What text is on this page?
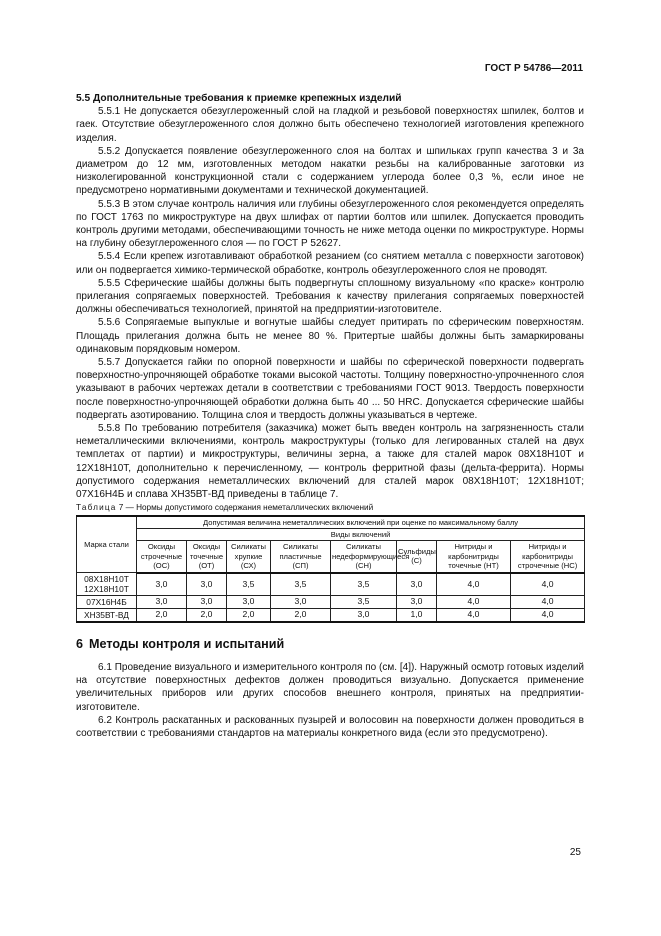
ГОСТ Р 54786—2011

5.5 Дополнительные требования к приемке крепежных изделий

5.5.1 Не допускается обезуглероженный слой на гладкой и резьбовой поверхностях шпилек, болтов и гаек. Отсутствие обезуглероженного слоя должно быть обеспечено технологией изготовления крепежного изделия.

5.5.2 Допускается появление обезуглероженного слоя на болтах и шпильках групп качества 3 и 3а диаметром до 12 мм, изготовленных методом накатки резьбы на калиброванные заготовки из низколегированной конструкционной стали с содержанием углерода более 0,3 %, если иное не предусмотрено нормативными документами и технической документацией.

5.5.3 В этом случае контроль наличия или глубины обезуглероженного слоя рекомендуется определять по ГОСТ 1763 по микроструктуре на двух шлифах от партии болтов или шпилек. Допускается проводить контроль другими методами, обеспечивающими точность не ниже метода оценки по микроструктуре. Нормы на глубину обезуглероженного слоя — по ГОСТ Р 52627.

5.5.4 Если крепеж изготавливают обработкой резанием (со снятием металла с поверхности заготовок) или он подвергается химико-термической обработке, контроль обезуглероженного слоя не проводят.

5.5.5 Сферические шайбы должны быть подвергнуты сплошному визуальному «по краске» контролю прилегания сопрягаемых поверхностей. Требования к качеству прилегания сопрягаемых поверхностей должны обеспечиваться технологией, принятой на предприятии-изготовителе.

5.5.6 Сопрягаемые выпуклые и вогнутые шайбы следует притирать по сферическим поверхностям. Площадь прилегания должна быть не менее 80 %. Притертые шайбы должны быть замаркированы одинаковым порядковым номером.

5.5.7 Допускается гайки по опорной поверхности и шайбы по сферической поверхности подвергать поверхностно-упрочняющей обработке токами высокой частоты. Толщину поверхностно-упрочненного слоя указывают в рабочих чертежах детали в соответствии с требованиями ГОСТ 9013. Твердость поверхности после поверхностно-упрочняющей обработки должна быть 40 ... 50 HRC. Допускается сферические шайбы подвергать азотированию. Толщина слоя и твердость должны указываться в чертеже.

5.5.8 По требованию потребителя (заказчика) может быть введен контроль на загрязненность стали неметаллическими включениями, контроль макроструктуры (только для легированных сталей на двух темплетах от партии) и микроструктуры, величины зерна, а также для сталей марок 08Х18Н10Т и 12Х18Н10Т, дополнительно к перечисленному, — контроль ферритной фазы (дельта-феррита). Нормы допустимого содержания неметаллических включений для сталей марок 08Х18Н10Т; 12Х18Н10Т; 07Х16Н4Б и сплава ХН35ВТ-ВД приведены в таблице 7.

Таблица 7 — Нормы допустимого содержания неметаллических включений

Марка стали	Допустимая величина неметаллических включений при оценке по максимальному баллу							
	Виды включений							
	Оксиды строчечные (ОС)	Оксиды точечные (ОТ)	Силикаты хрупкие (СХ)	Силикаты пластичные (СП)	Силикаты недеформирующиеся (СН)	Сульфиды (С)	Нитриды и карбонитриды точечные (НТ)	Нитриды и карбонитриды строчечные (НС)
08Х18Н10Т 12Х18Н10Т	3,0	3,0	3,5	3,5	3,5	3,0	4,0	4,0
07Х16Н4Б	3,0	3,0	3,0	3,0	3,5	3,0	4,0	4,0
ХН35ВТ-ВД	2,0	2,0	2,0	2,0	3,0	1,0	4,0	4,0
6 Методы контроля и испытаний

6.1 Проведение визуального и измерительного контроля по (см. [4]). Наружный осмотр готовых изделий на отсутствие поверхностных дефектов должен проводиться визуально. Допускается применение увеличительных приборов или других способов внешнего контроля, принятых на предприятии-изготовителе.

6.2 Контроль раскатанных и раскованных пузырей и волосовин на поверхности должен проводиться в соответствии с требованиями стандартов на материалы конкретного вида (если это предусмотрено).

25
